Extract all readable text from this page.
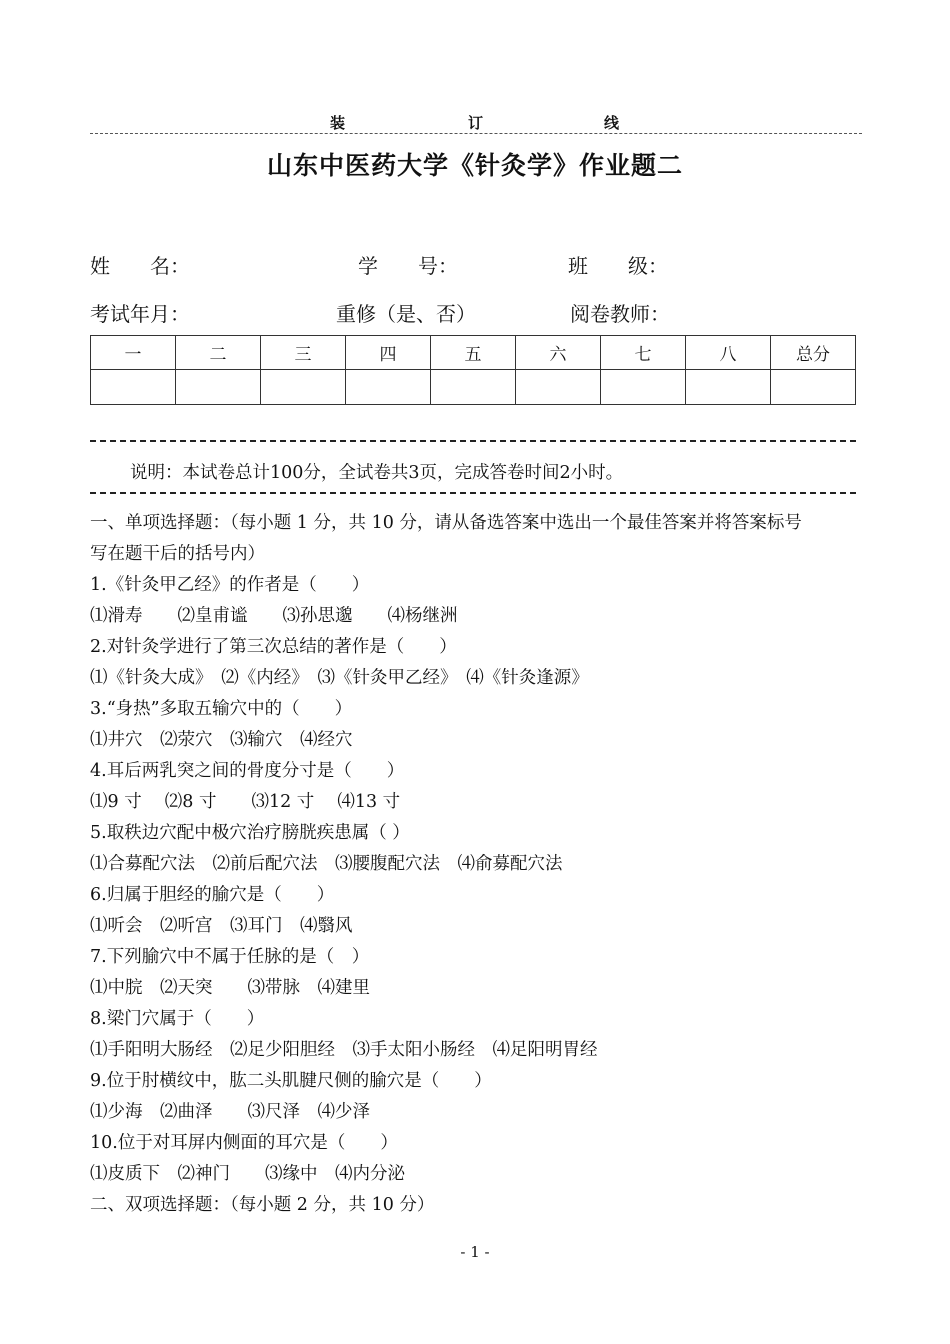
装	订	线
山东中医药大学《针灸学》作业题二
姓　　名：	学　　号：	班　　级：
考试年月：	重修（是、否）	阅卷教师：
一	二	三	四	五	六	七	八	总分

说明：本试卷总计100分，全试卷共3页，完成答卷时间2小时。
一、单项选择题：（每小题 1 分，共 10 分，请从备选答案中选出一个最佳答案并将答案标号
写在题干后的括号内）
1.《针灸甲乙经》的作者是（　　）
⑴滑寿　　⑵皇甫谧　　⑶孙思邈　　⑷杨继洲
2.对针灸学进行了第三次总结的著作是（　　）
⑴《针灸大成》　⑵《内经》　⑶《针灸甲乙经》　⑷《针灸逢源》
3.“身热”多取五输穴中的（　　）
⑴井穴　⑵荥穴　⑶输穴　⑷经穴
4.耳后两乳突之间的骨度分寸是（　　）
⑴9 寸　 ⑵8 寸　　⑶12 寸　 ⑷13 寸
5.取秩边穴配中极穴治疗膀胱疾患属（ ）
⑴合募配穴法　⑵前后配穴法　⑶腰腹配穴法　⑷俞募配穴法
6.归属于胆经的腧穴是（　　）
⑴听会　⑵听宫　⑶耳门　⑷翳风
7.下列腧穴中不属于任脉的是（　）
⑴中脘　⑵天突　　⑶带脉　⑷建里
8.梁门穴属于（　　）
⑴手阳明大肠经　⑵足少阳胆经　⑶手太阳小肠经　⑷足阳明胃经
9.位于肘横纹中，肱二头肌腱尺侧的腧穴是（　　）
⑴少海　⑵曲泽　　⑶尺泽　⑷少泽
10.位于对耳屏内侧面的耳穴是（　　）
⑴皮质下　⑵神门　　⑶缘中　⑷内分泌
二、双项选择题：（每小题 2 分，共 10 分）
- 1 -
